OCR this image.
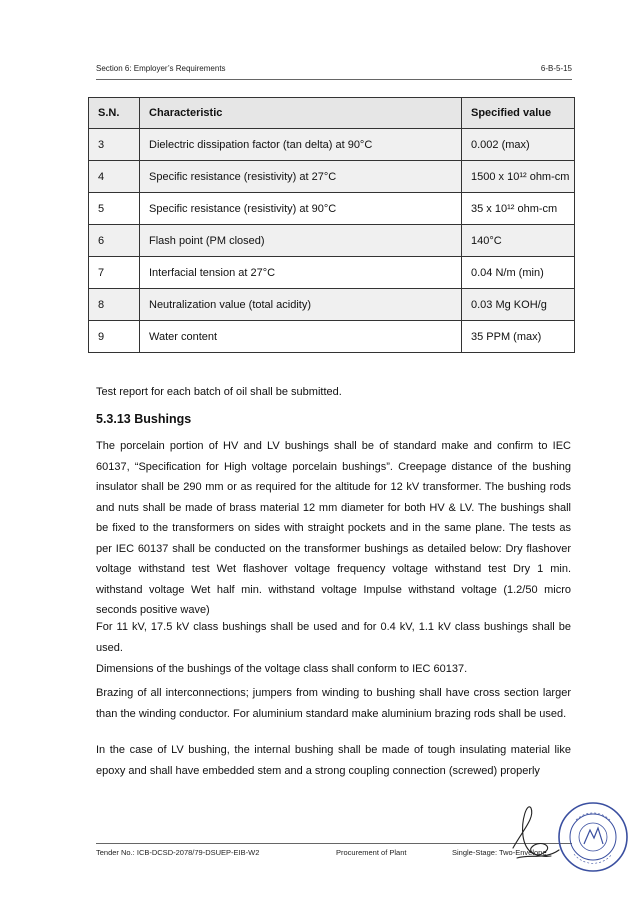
Section 6: Employer’s Requirements	6-B-5-15
S.N.	Characteristic	Specified value
3	Dielectric dissipation factor (tan delta) at 90°C	0.002 (max)
4	Specific resistance (resistivity) at 27°C	1500 x 10¹² ohm-cm
5	Specific resistance (resistivity) at 90°C	35 x 10¹² ohm-cm
6	Flash point (PM closed)	140°C
7	Interfacial tension at 27°C	0.04 N/m (min)
8	Neutralization value (total acidity)	0.03 Mg KOH/g
9	Water content	35 PPM (max)
Test report for each batch of oil shall be submitted.
5.3.13 Bushings

The porcelain portion of HV and LV bushings shall be of standard make and confirm to IEC 60137, “Specification for High voltage porcelain bushings”. Creepage distance of the bushing insulator shall be 290 mm or as required for the altitude for 12 kV transformer. The bushing rods and nuts shall be made of brass material 12 mm diameter for both HV & LV. The bushings shall be fixed to the transformers on sides with straight pockets and in the same plane. The tests as per IEC 60137 shall be conducted on the transformer bushings as detailed below: Dry flashover voltage withstand test Wet flashover voltage frequency voltage withstand test Dry 1 min. withstand voltage Wet half min. withstand voltage Impulse withstand voltage (1.2/50 micro seconds positive wave)

For 11 kV, 17.5 kV class bushings shall be used and for 0.4 kV, 1.1 kV class bushings shall be used.

Dimensions of the bushings of the voltage class shall conform to IEC 60137.

Brazing of all interconnections; jumpers from winding to bushing shall have cross section larger than the winding conductor. For aluminium standard make aluminium brazing rods shall be used.

In the case of LV bushing, the internal bushing shall be made of tough insulating material like epoxy and shall have embedded stem and a strong coupling connection (screwed) properly

Tender No.: ICB-DCSD-2078/79-DSUEP-EIB-W2	Procurement of Plant	Single-Stage: Two-Envelope
